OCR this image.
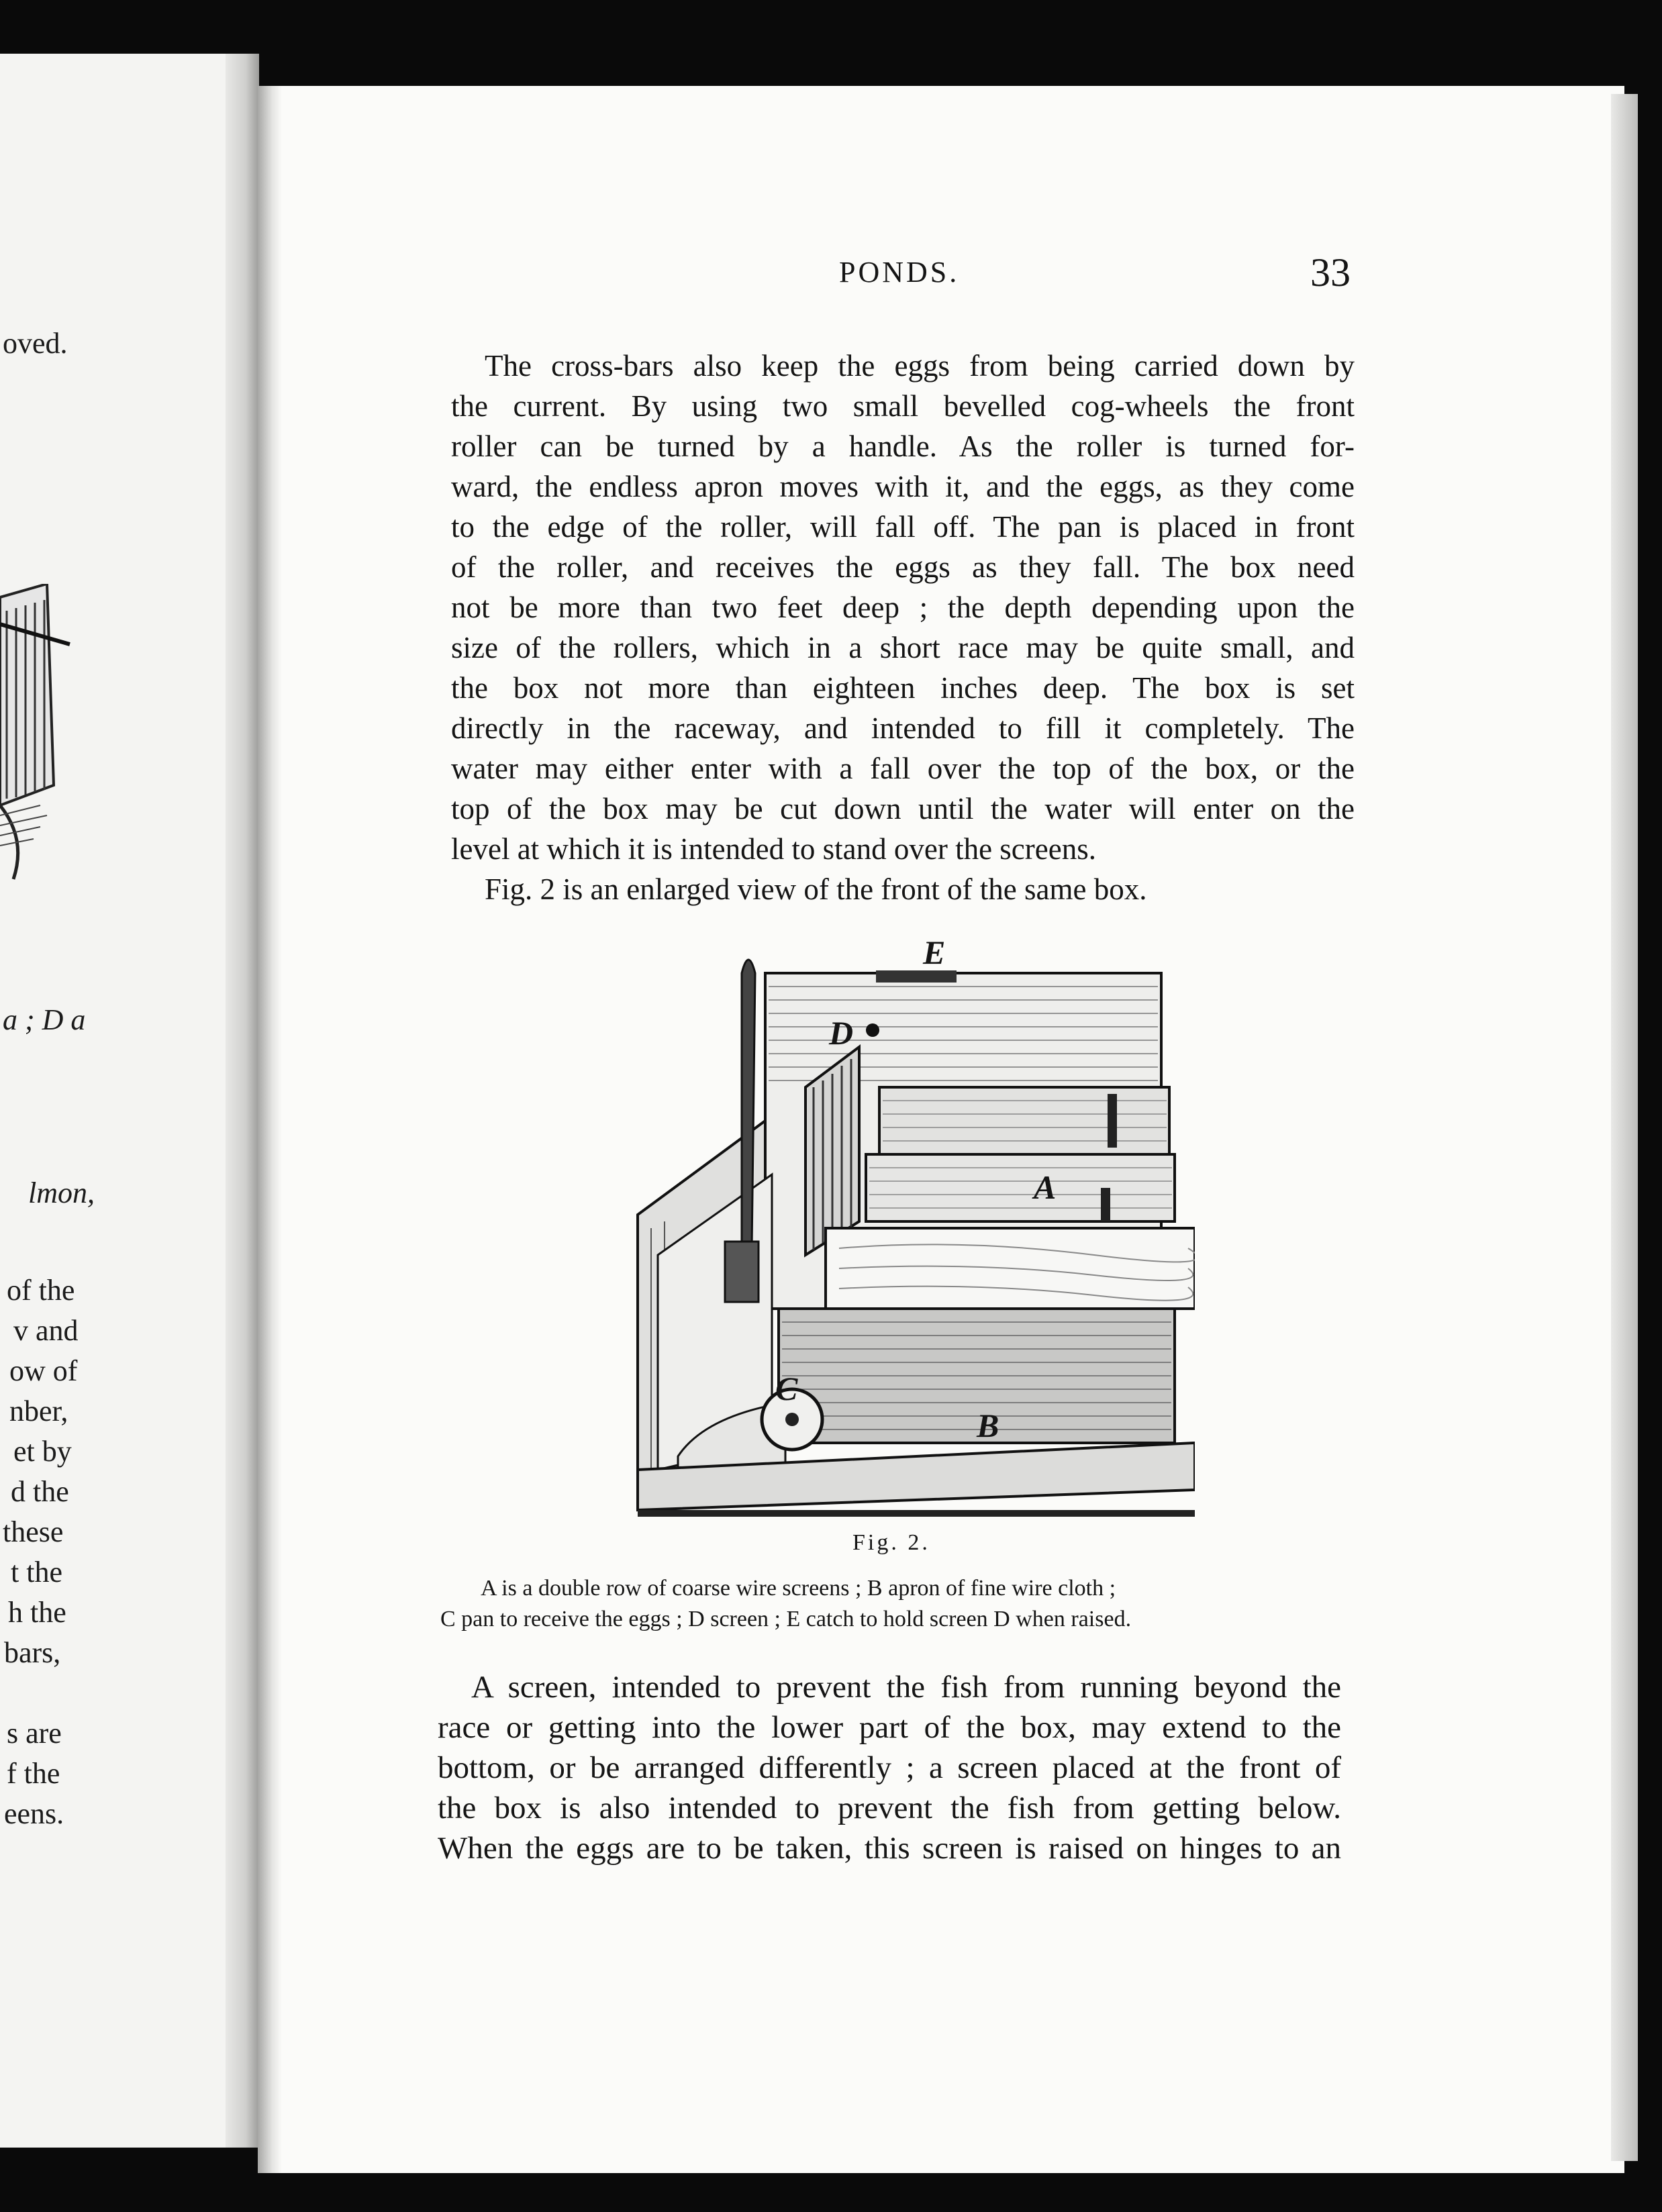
oved.
a ; D a
lmon,
of the
v and
ow of
nber,
et by
d the
these
t the
h the
bars,
s are
f the
eens.
PONDS.	33
The cross-bars also keep the eggs from being carried down by
the current. By using two small bevelled cog-wheels the front
roller can be turned by a handle. As the roller is turned for-
ward, the endless apron moves with it, and the eggs, as they come
to the edge of the roller, will fall off. The pan is placed in front
of the roller, and receives the eggs as they fall. The box need
not be more than two feet deep ; the depth depending upon the
size of the rollers, which in a short race may be quite small, and
the box not more than eighteen inches deep. The box is set
directly in the raceway, and intended to fill it completely. The
water may either enter with a fall over the top of the box, or the
top of the box may be cut down until the water will enter on the
level at which it is intended to stand over the screens.
Fig. 2 is an enlarged view of the front of the same box.
E
D
A
C
B
Fig. 2.
A is a double row of coarse wire screens ; B apron of fine wire cloth ;
C pan to receive the eggs ; D screen ; E catch to hold screen D when raised.
A screen, intended to prevent the fish from running beyond the
race or getting into the lower part of the box, may extend to the
bottom, or be arranged differently ; a screen placed at the front of
the box is also intended to prevent the fish from getting below.
When the eggs are to be taken, this screen is raised on hinges to an
